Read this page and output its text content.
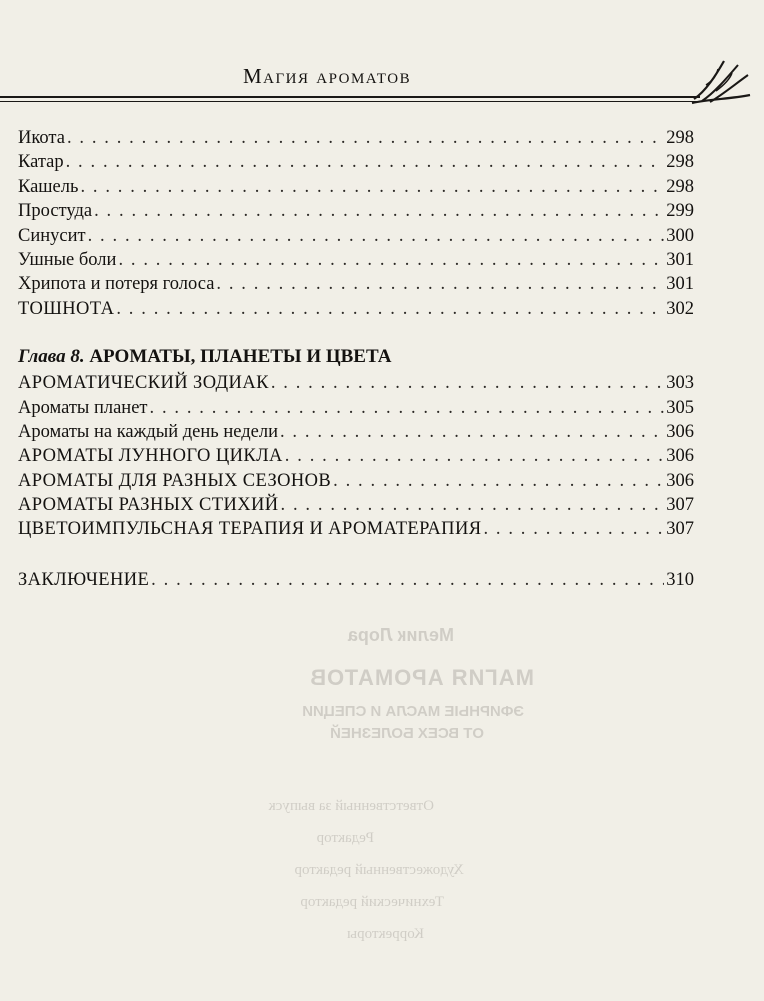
Магия ароматов
Икота . . .	298
Катар . . .	298
Кашель . . .	298
Простуда . . .	299
Синусит . . .	300
Ушные боли . . .	301
Хрипота и потеря голоса . . .	301
ТОШНОТА . . .	302
Глава 8. АРОМАТЫ, ПЛАНЕТЫ И ЦВЕТА
АРОМАТИЧЕСКИЙ ЗОДИАК . . .	303
Ароматы планет . . .	305
Ароматы на каждый день недели . . .	306
АРОМАТЫ ЛУННОГО ЦИКЛА . . .	306
АРОМАТЫ ДЛЯ РАЗНЫХ СЕЗОНОВ . . .	306
АРОМАТЫ РАЗНЫХ СТИХИЙ . . .	307
ЦВЕТОИМПУЛЬСНАЯ ТЕРАПИЯ И АРОМАТЕРАПИЯ . . .	307
ЗАКЛЮЧЕНИЕ . . .	310
Мелик Лора
МАГИЯ АРОМАТОВ
ЭФИРНЫЕ МАСЛА И СПЕЦИИ
ОТ ВСЕХ БОЛЕЗНЕЙ
Ответственный за выпуск
Редактор
Художественный редактор
Технический редактор
Корректоры
